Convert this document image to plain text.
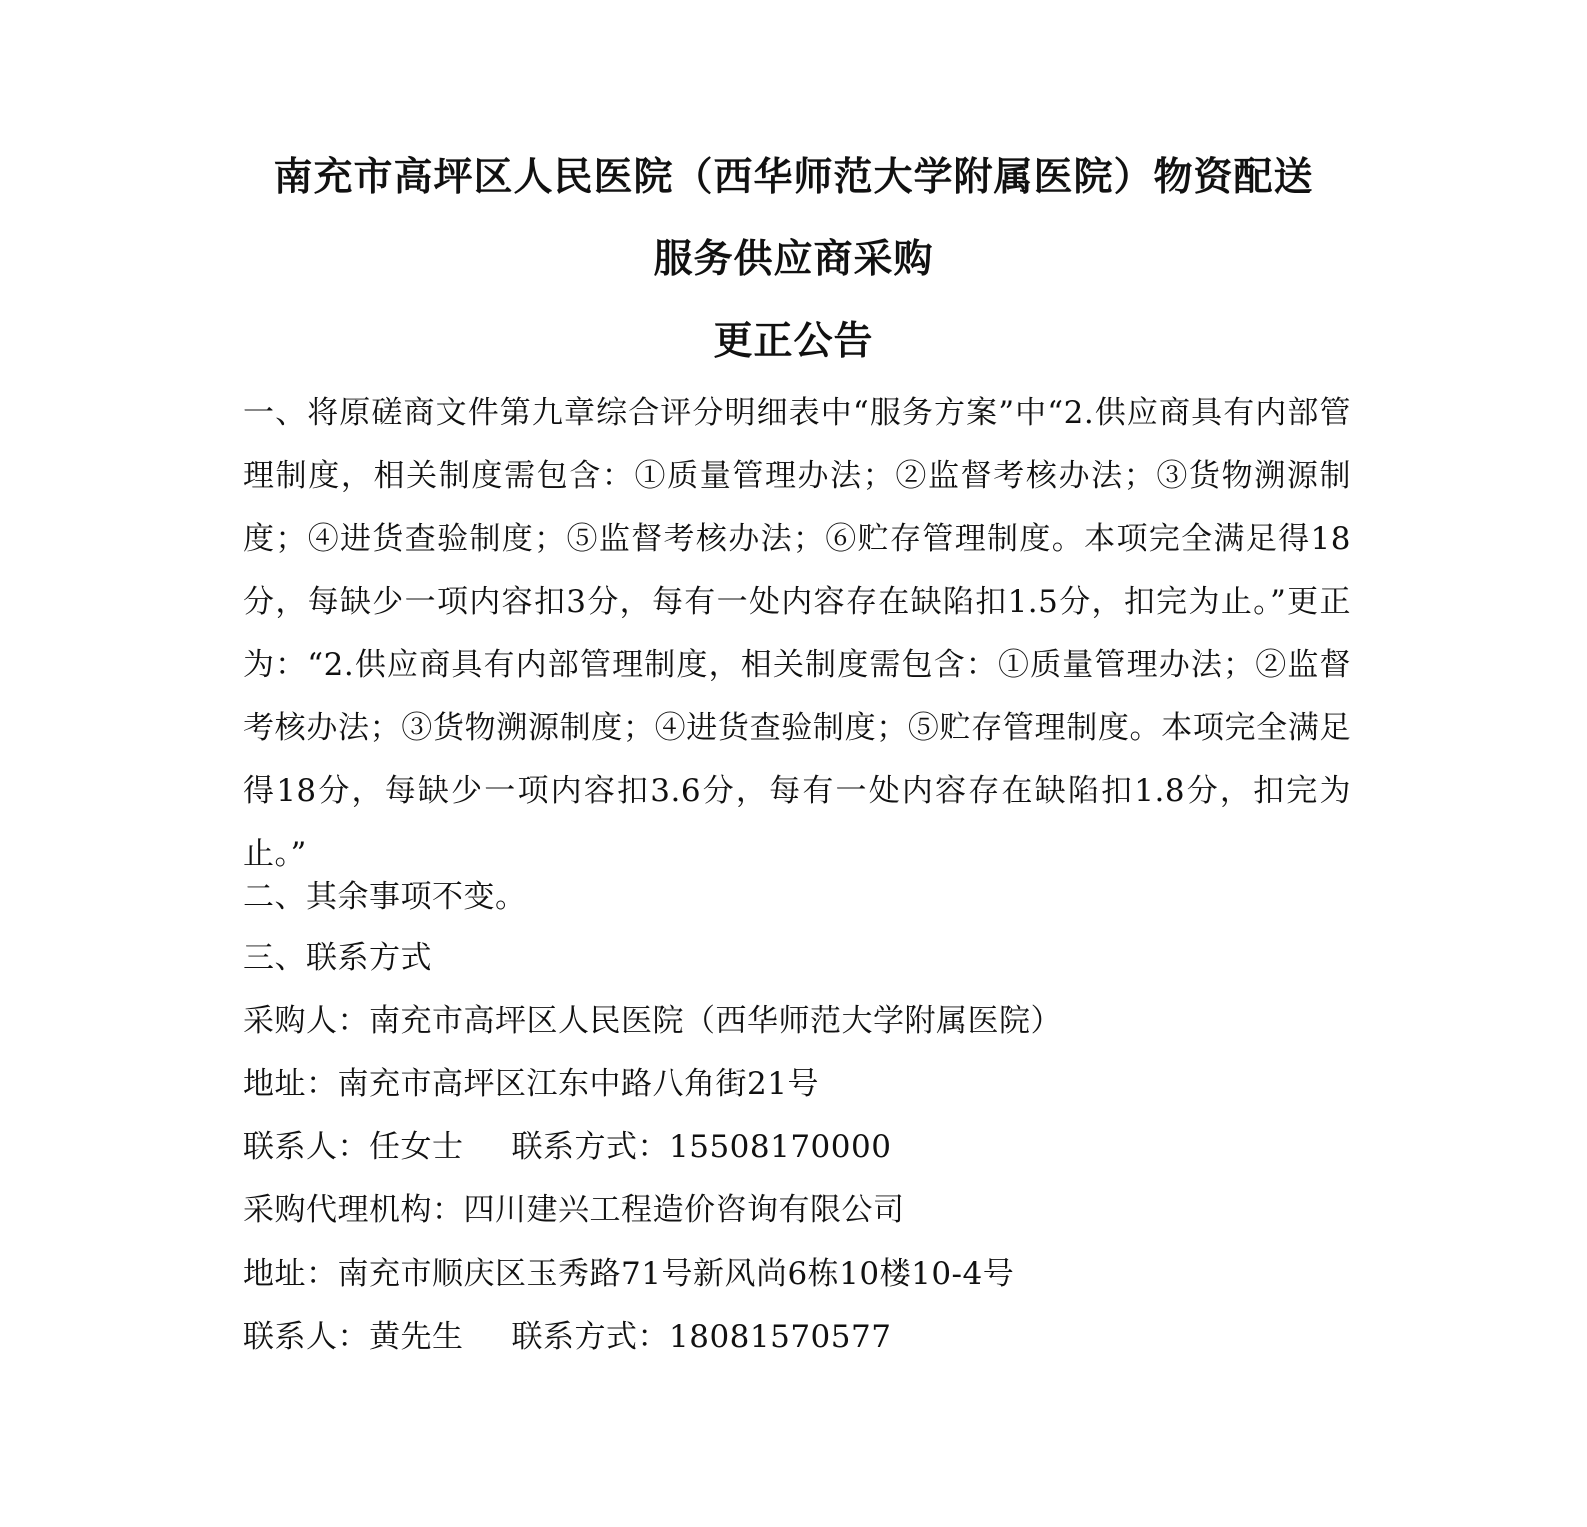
南充市高坪区人民医院（西华师范大学附属医院）物资配送
服务供应商采购
更正公告
一、将原磋商文件第九章综合评分明细表中“服务方案”中“2.供应商具有内部管理制度，相关制度需包含：①质量管理办法；②监督考核办法；③货物溯源制度；④进货查验制度；⑤监督考核办法；⑥贮存管理制度。本项完全满足得18分，每缺少一项内容扣3分，每有一处内容存在缺陷扣1.5分，扣完为止。”更正为：“2.供应商具有内部管理制度，相关制度需包含：①质量管理办法；②监督考核办法；③货物溯源制度；④进货查验制度；⑤贮存管理制度。本项完全满足得18分，每缺少一项内容扣3.6分，每有一处内容存在缺陷扣1.8分，扣完为止。”
二、其余事项不变。
三、联系方式
采购人：南充市高坪区人民医院（西华师范大学附属医院）
地址：南充市高坪区江东中路八角街21号
联系人：任女士 联系方式：15508170000
采购代理机构：四川建兴工程造价咨询有限公司
地址：南充市顺庆区玉秀路71号新风尚6栋10楼10-4号
联系人：黄先生 联系方式：18081570577
